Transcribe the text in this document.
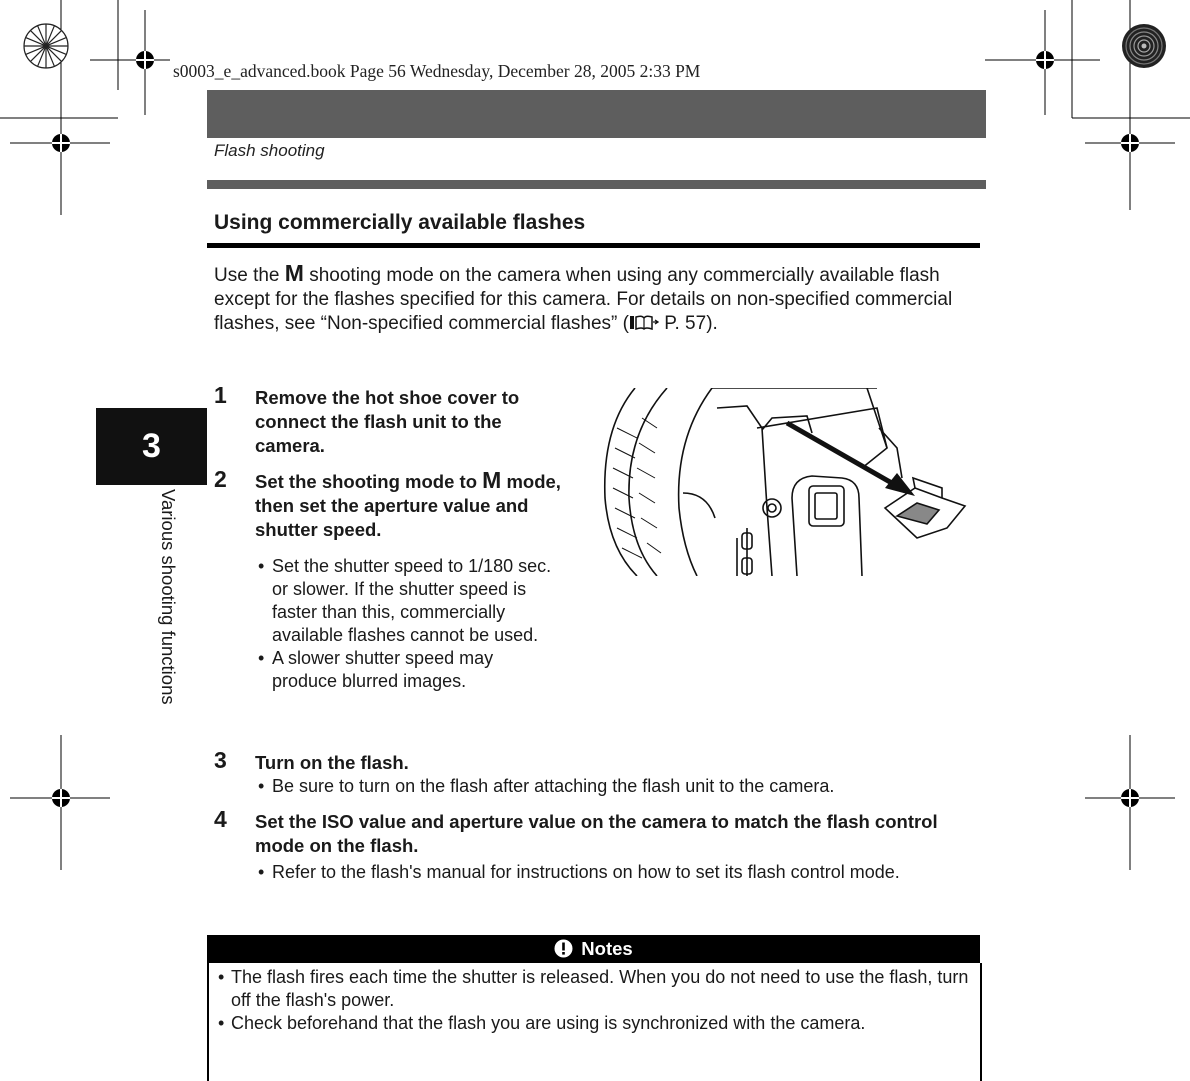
s0003_e_advanced.book Page 56 Wednesday, December 28, 2005 2:33 PM
Flash shooting
Using commercially available flashes
Use the M shooting mode on the camera when using any commercially available flash except for the flashes specified for this camera. For details on non-specified commercial flashes, see “Non-specified commercial flashes” ( P. 57).
3
Various shooting functions
1 Remove the hot shoe cover to connect the flash unit to the camera.
2 Set the shooting mode to M mode, then set the aperture value and shutter speed.
• Set the shutter speed to 1/180 sec. or slower. If the shutter speed is faster than this, commercially available flashes cannot be used.
• A slower shutter speed may produce blurred images.
3 Turn on the flash.
• Be sure to turn on the flash after attaching the flash unit to the camera.
4 Set the ISO value and aperture value on the camera to match the flash control mode on the flash.
• Refer to the flash's manual for instructions on how to set its flash control mode.
Notes
• The flash fires each time the shutter is released. When you do not need to use the flash, turn off the flash's power.
• Check beforehand that the flash you are using is synchronized with the camera.
